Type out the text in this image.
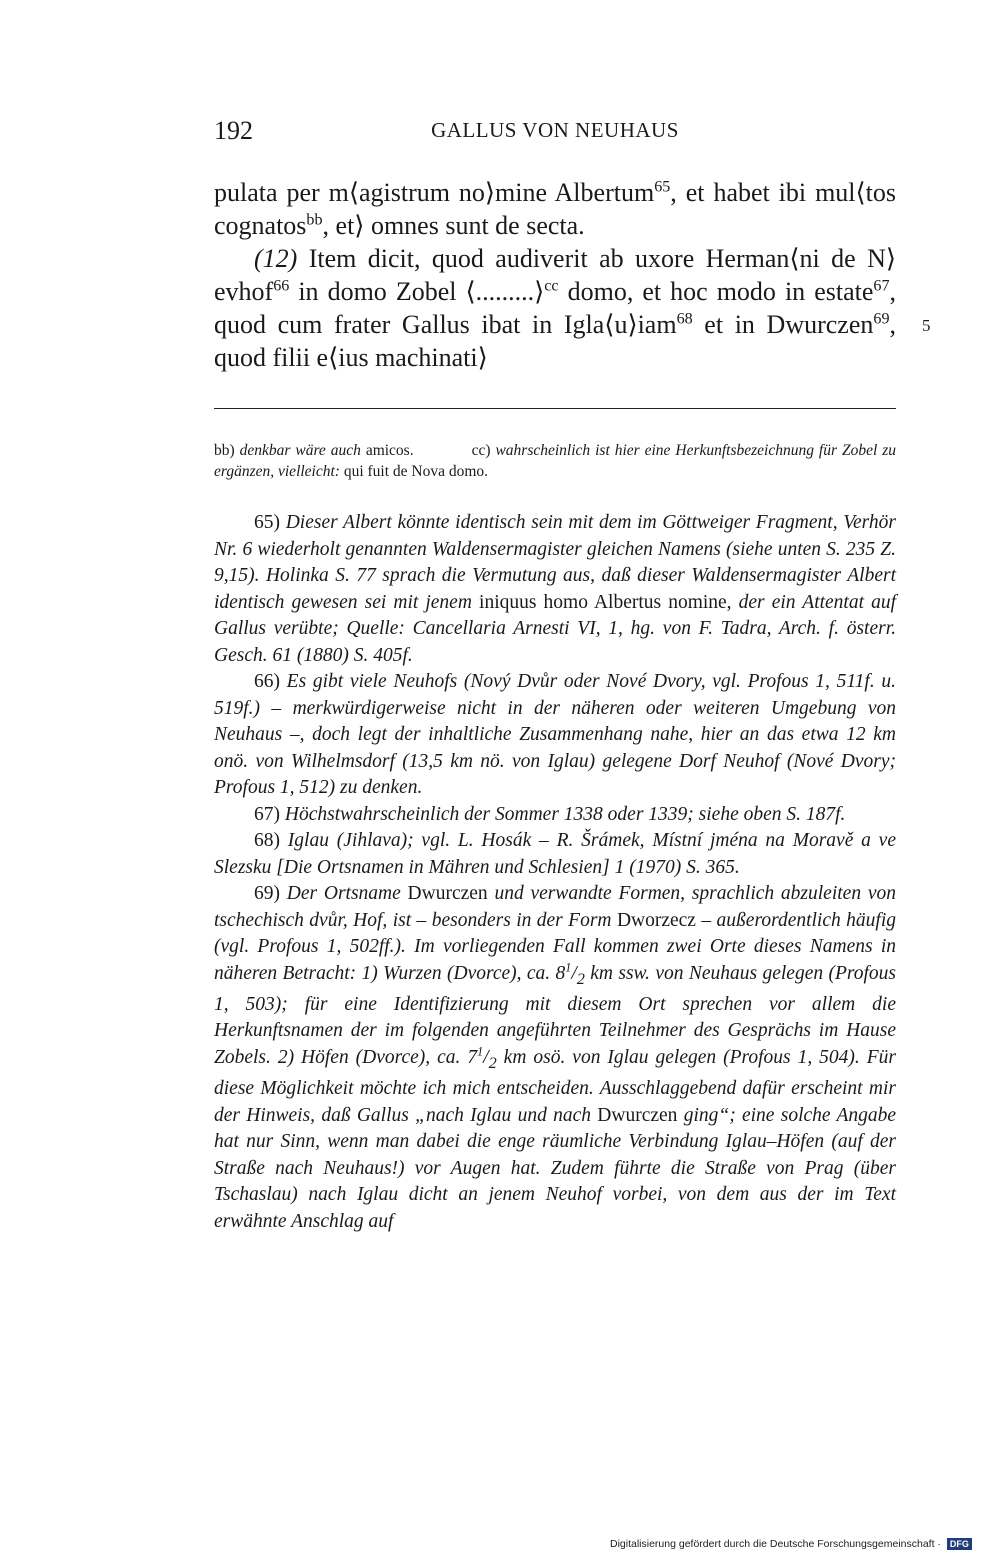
192	GALLUS VON NEUHAUS

pulata per m⟨agistrum no⟩mine Albertum$^{65}$, et habet ibi mul⟨tos cognatos$^{bb}$, et⟩ omnes sunt de secta.

(12) Item dicit, quod audiverit ab uxore Herman⟨ni de N⟩evhof$^{66}$ in domo Zobel ⟨.........⟩$^{cc}$ domo, et hoc modo in estate$^{67}$, quod cum frater Gallus ibat in Igla⟨u⟩iam$^{68}$ et in Dwurczen$^{69}$, quod filii e⟨ius machinati⟩

5

bb) denkbar wäre auch amicos.	cc) wahrscheinlich ist hier eine Herkunftsbezeichnung für Zobel zu ergänzen, vielleicht: qui fuit de Nova domo.

65) Dieser Albert könnte identisch sein mit dem im Göttweiger Fragment, Verhör Nr. 6 wiederholt genannten Waldensermagister gleichen Namens (siehe unten S. 235 Z. 9,15). Holinka S. 77 sprach die Vermutung aus, daß dieser Waldensermagister Albert identisch gewesen sei mit jenem iniquus homo Albertus nomine, der ein Attentat auf Gallus verübte; Quelle: Cancellaria Arnesti VI, 1, hg. von F. Tadra, Arch. f. österr. Gesch. 61 (1880) S. 405f.

66) Es gibt viele Neuhofs (Nový Dvůr oder Nové Dvory, vgl. Profous 1, 511f. u. 519f.) – merkwürdigerweise nicht in der näheren oder weiteren Umgebung von Neuhaus –, doch legt der inhaltliche Zusammenhang nahe, hier an das etwa 12 km onö. von Wilhelmsdorf (13,5 km nö. von Iglau) gelegene Dorf Neuhof (Nové Dvory; Profous 1, 512) zu denken.

67) Höchstwahrscheinlich der Sommer 1338 oder 1339; siehe oben S. 187f.

68) Iglau (Jihlava); vgl. L. Hosák – R. Šrámek, Místní jména na Moravě a ve Slezsku [Die Ortsnamen in Mähren und Schlesien] 1 (1970) S. 365.

69) Der Ortsname Dwurczen und verwandte Formen, sprachlich abzuleiten von tschechisch dvůr, Hof, ist – besonders in der Form Dworzecz – außerordentlich häufig (vgl. Profous 1, 502ff.). Im vorliegenden Fall kommen zwei Orte dieses Namens in näheren Betracht: 1) Wurzen (Dvorce), ca. $8^1/_2$ km ssw. von Neuhaus gelegen (Profous 1, 503); für eine Identifizierung mit diesem Ort sprechen vor allem die Herkunftsnamen der im folgenden angeführten Teilnehmer des Gesprächs im Hause Zobels. 2) Höfen (Dvorce), ca. $7^1/_2$ km osö. von Iglau gelegen (Profous 1, 504). Für diese Möglichkeit möchte ich mich entscheiden. Ausschlaggebend dafür erscheint mir der Hinweis, daß Gallus „nach Iglau und nach Dwurczen ging“; eine solche Angabe hat nur Sinn, wenn man dabei die enge räumliche Verbindung Iglau–Höfen (auf der Straße nach Neuhaus!) vor Augen hat. Zudem führte die Straße von Prag (über Tschaslau) nach Iglau dicht an jenem Neuhof vorbei, von dem aus der im Text erwähnte Anschlag auf

Digitalisierung gefördert durch die Deutsche Forschungsgemeinschaft · DFG
